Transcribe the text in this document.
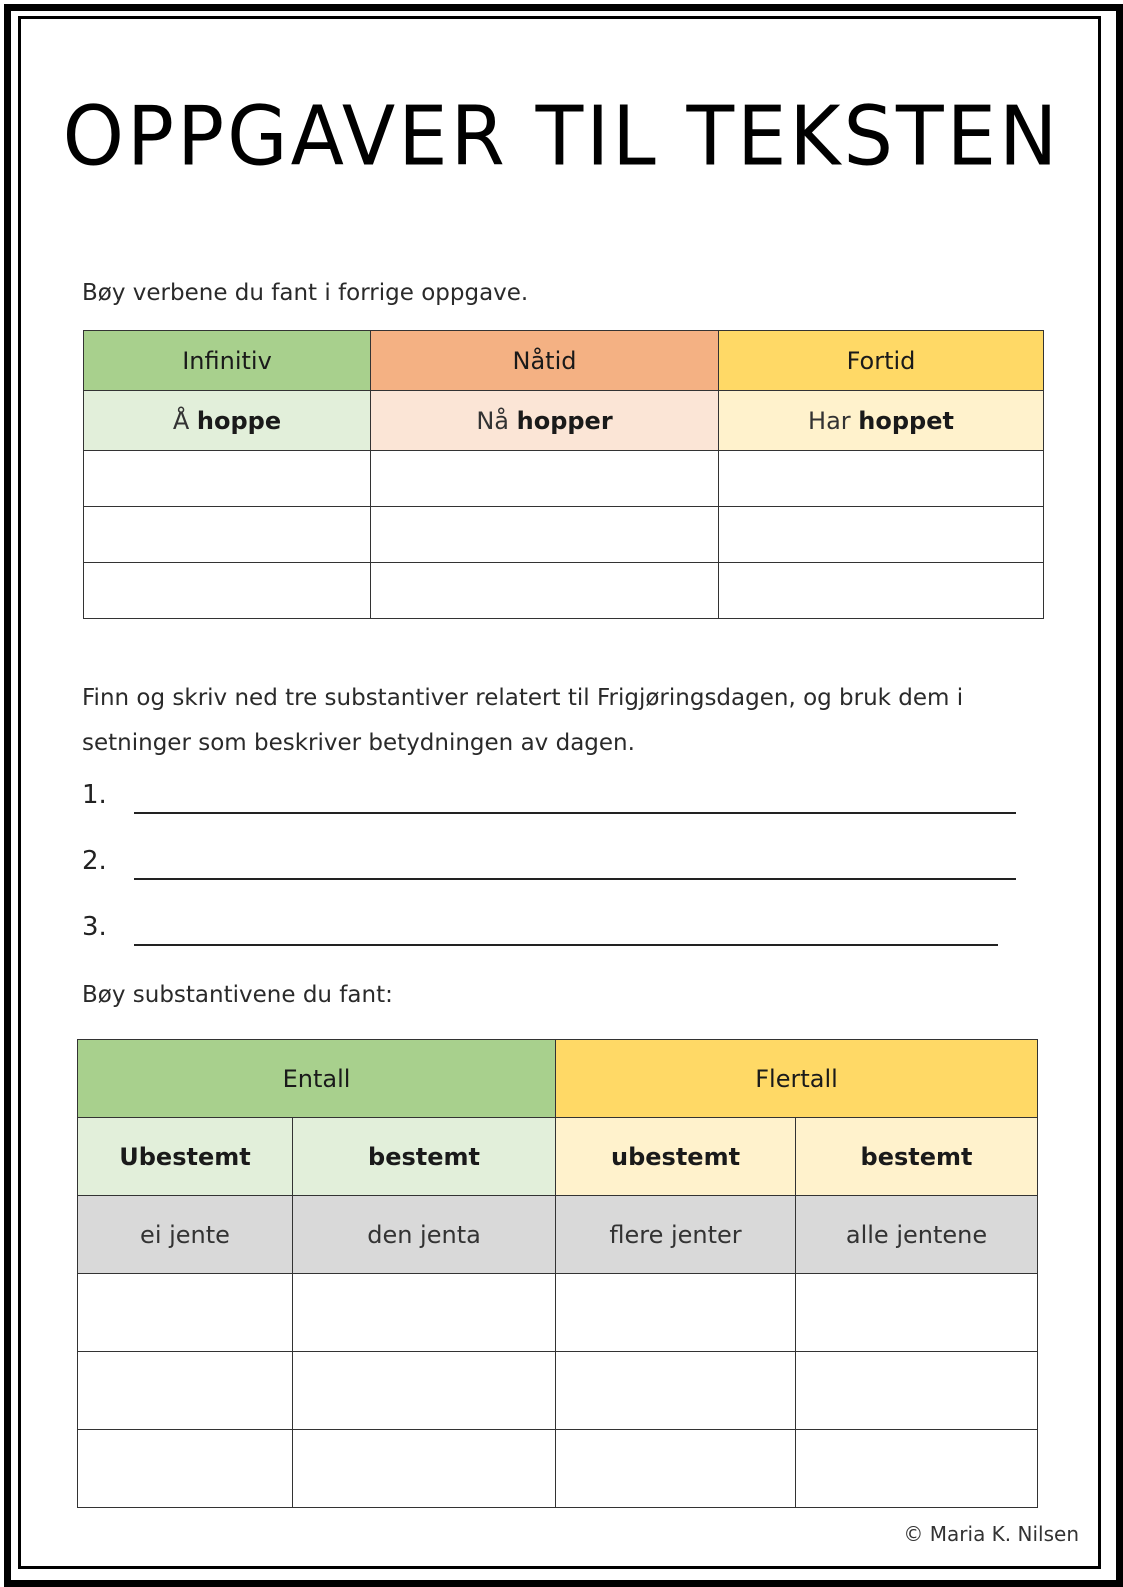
OPPGAVER TIL TEKSTEN
Bøy verbene du fant i forrige oppgave.
Infinitiv	Nåtid	Fortid
Å hoppe	Nå hopper	Har hoppet

Finn og skriv ned tre substantiver relatert til Frigjøringsdagen, og bruk dem i setninger som beskriver betydningen av dagen.
1.
2.
3.
Bøy substantivene du fant:
Entall		Flertall	
Ubestemt	bestemt	ubestemt	bestemt
ei jente	den jenta	flere jenter	alle jentene

© Maria K. Nilsen
